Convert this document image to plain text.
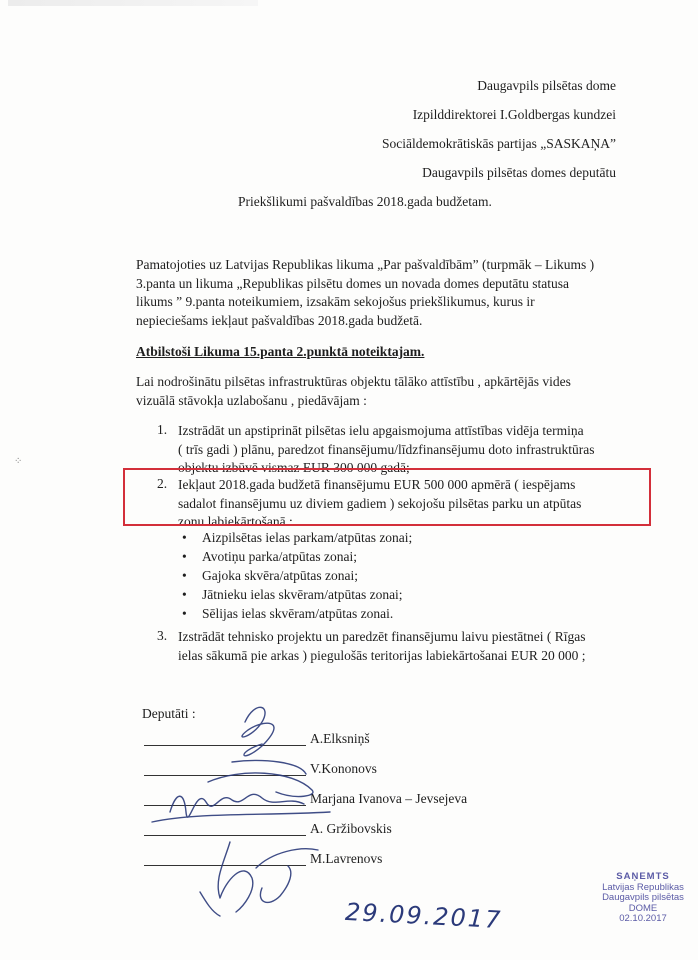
⁘
Daugavpils pilsētas dome
Izpilddirektorei I.Goldbergas kundzei
Sociāldemokrātiskās partijas „SASKAŅA”
Daugavpils pilsētas domes deputātu
Priekšlikumi pašvaldības 2018.gada budžetam.
Pamatojoties uz Latvijas Republikas likuma „Par pašvaldībām” (turpmāk – Likums )
3.panta un likuma „Republikas pilsētu domes un novada domes deputātu statusa
likums ” 9.panta noteikumiem, izsakām sekojošus priekšlikumus, kurus ir
nepieciešams iekļaut pašvaldības 2018.gada budžetā.
Atbilstoši Likuma 15.panta 2.punktā noteiktajam.
Lai nodrošinātu pilsētas infrastruktūras objektu tālāko attīstību , apkārtējās vides
vizuālā stāvokļa uzlabošanu , piedāvājam :
1. Izstrādāt un apstiprināt pilsētas ielu apgaismojuma attīstības vidēja termiņa
( trīs gadi ) plānu, paredzot finansējumu/līdzfinansējumu doto infrastruktūras
objektu izbūvē vismaz EUR 300 000 gadā;
2. Iekļaut 2018.gada budžetā finansējumu EUR 500 000 apmērā ( iespējams
sadalot finansējumu uz diviem gadiem ) sekojošu pilsētas parku un atpūtas
zonu labiekārtošanā :
• Aizpilsētas ielas parkam/atpūtas zonai;
• Avotiņu parka/atpūtas zonai;
• Gajoka skvēra/atpūtas zonai;
• Jātnieku ielas skvēram/atpūtas zonai;
• Sēlijas ielas skvēram/atpūtas zonai.
3. Izstrādāt tehnisko projektu un paredzēt finansējumu laivu piestātnei ( Rīgas
ielas sākumā pie arkas ) piegulošās teritorijas labiekārtošanai EUR 20 000 ;
Deputāti :
A.Elksniņš
V.Kononovs
Marjana Ivanova – Jevsejeva
A. Gržibovskis
M.Lavrenovs
SAŅEMTS
Latvijas Republikas
Daugavpils pilsētas DOME
02.10.2017
29.09.2017
